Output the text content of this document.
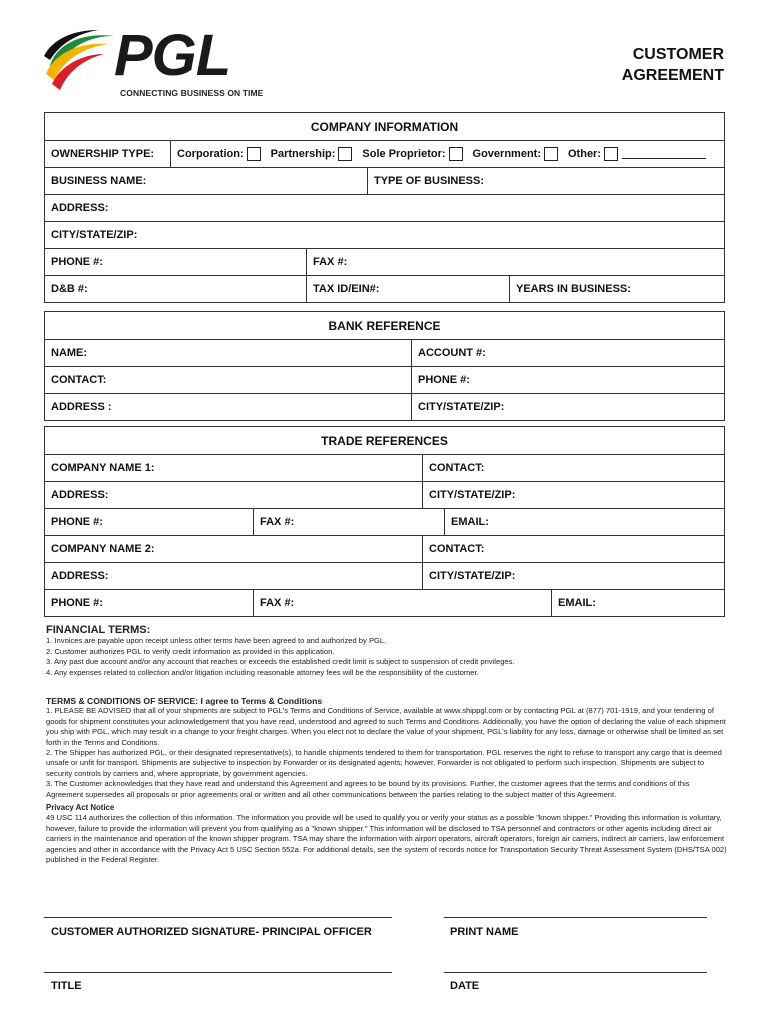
PGL
CONNECTING BUSINESS ON TIME
CUSTOMER
AGREEMENT
COMPANY INFORMATION
OWNERSHIP TYPE:	Corporation: Partnership: Sole Proprietor: Government: Other:
BUSINESS NAME:	TYPE OF BUSINESS:
ADDRESS:
CITY/STATE/ZIP:
PHONE #:	FAX #:
D&B #:	TAX ID/EIN#:	YEARS IN BUSINESS:
BANK REFERENCE
NAME:	ACCOUNT #:
CONTACT:	PHONE #:
ADDRESS :	CITY/STATE/ZIP:
TRADE REFERENCES
COMPANY NAME 1:	CONTACT:
ADDRESS:	CITY/STATE/ZIP:
PHONE #:	FAX #:	EMAIL:
COMPANY NAME 2:	CONTACT:
ADDRESS:	CITY/STATE/ZIP:
PHONE #:	FAX #:	EMAIL:
FINANCIAL TERMS:
1. Invoices are payable upon receipt unless other terms have been agreed to and authorized by PGL.
2. Customer authorizes PGL to verify credit information as provided in this application.
3. Any past due account and/or any account that reaches or exceeds the established credit limit is subject to suspension of credit privileges.
4. Any expenses related to collection and/or litigation including reasonable attorney fees will be the responsibility of the customer.
TERMS & CONDITIONS OF SERVICE: I agree to Terms & Conditions
1. PLEASE BE ADVISED that all of your shipments are subject to PGL's Terms and Conditions of Service, available at www.shippgl.com or by contacting PGL at (877) 701-1919, and your tendering of goods for shipment constitutes your acknowledgement that you have read, understood and agreed to such Terms and Conditions. Additionally, you have the option of declaring the value of each shipment you ship with PGL, which may result in a change to your freight charges. When you elect not to declare the value of your shipment, PGL's liability for any loss, damage or otherwise shall be limited as set forth in the Terms and Conditions.
2. The Shipper has authorized PGL, or their designated representative(s), to handle shipments tendered to them for transportation. PGL reserves the right to refuse to transport any cargo that is deemed unsafe or unfit for transport. Shipments are subjective to inspection by Forwarder or its designated agents; however, Forwarder is not obligated to perform such inspection. Shipments are subject to security controls by carriers and, where appropriate, by government agencies.
3. The Customer acknowledges that they have read and understand this Agreement and agrees to be bound by its provisions. Further, the customer agrees that the terms and conditions of this Agreement supersedes all proposals or prior agreements oral or written and all other communications between the parties relating to the subject matter of this Agreement.
Privacy Act Notice
49 USC 114 authorizes the collection of this information. The information you provide will be used to qualify you or verify your status as a possible "known shipper." Providing this information is voluntary, however, failure to provide the information will prevent you from qualifying as a "known shipper." This information will be disclosed to TSA personnel and contractors or other agents including direct air carriers in the maintenance and operation of the known shipper program. TSA may share the information with airport operators, aircraft operators, foreign air carriers, indirect air carriers, law enforcement agencies and other in accordance with the Privacy Act 5 USC Section 552a. For additional details, see the system of records notice for Transportation Security Threat Assessment System (DHS/TSA 002) published in the Federal Register.
CUSTOMER AUTHORIZED SIGNATURE- PRINCIPAL OFFICER	PRINT NAME
TITLE	DATE
